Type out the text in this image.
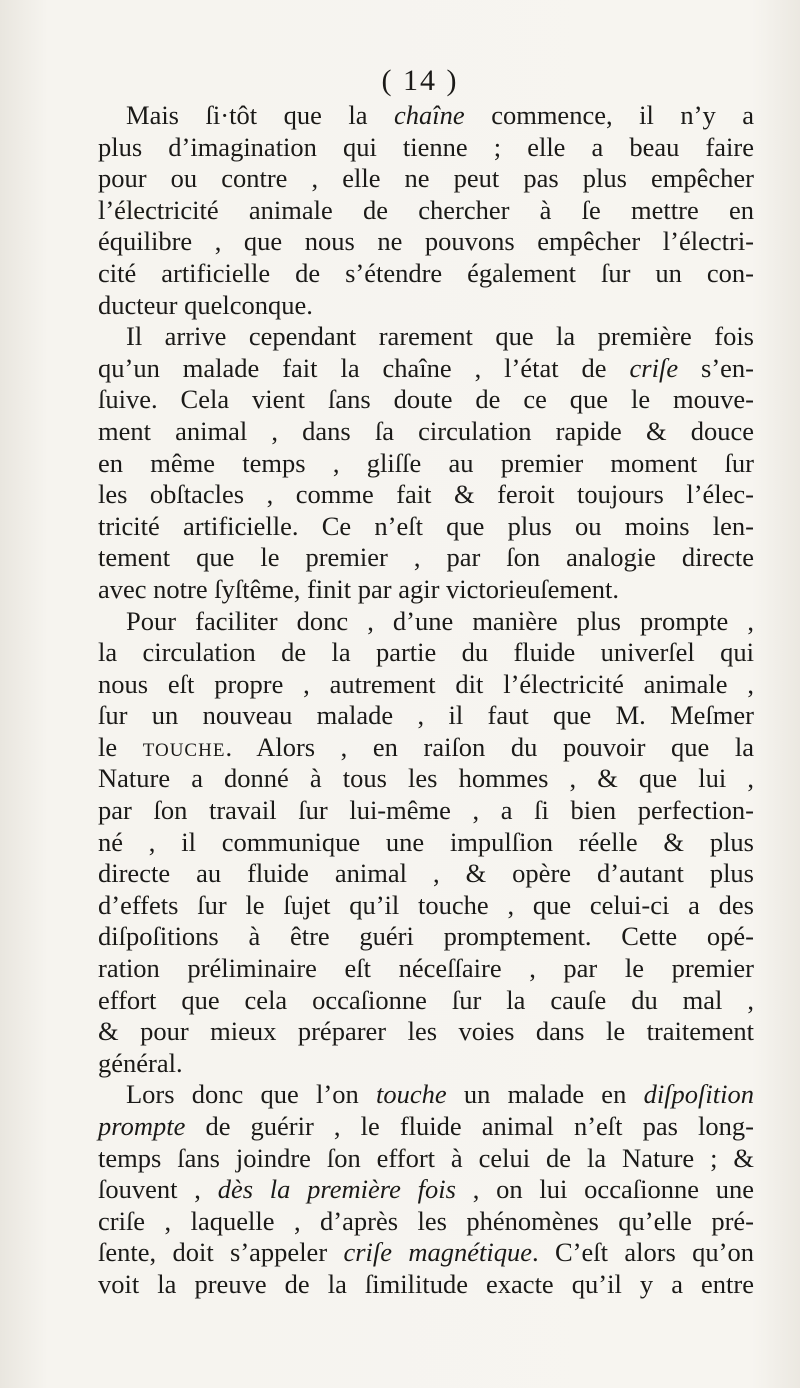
( 14 )
Mais ſi·tôt que la chaîne commence, il n’y a
plus d’imagination qui tienne ; elle a beau faire
pour ou contre , elle ne peut pas plus empêcher
l’électricité animale de chercher à ſe mettre en
équilibre , que nous ne pouvons empêcher l’électri-
cité artificielle de s’étendre également ſur un con-
ducteur quelconque.
Il arrive cependant rarement que la première fois
qu’un malade fait la chaîne , l’état de criſe s’en-
ſuive. Cela vient ſans doute de ce que le mouve-
ment animal , dans ſa circulation rapide & douce
en même temps , gliſſe au premier moment ſur
les obſtacles , comme fait & feroit toujours l’élec-
tricité artificielle. Ce n’eſt que plus ou moins len-
tement que le premier , par ſon analogie directe
avec notre ſyſtême, finit par agir victorieuſement.
Pour faciliter donc , d’une manière plus prompte ,
la circulation de la partie du fluide univerſel qui
nous eſt propre , autrement dit l’électricité animale ,
ſur un nouveau malade , il faut que M. Meſmer
le touche. Alors , en raiſon du pouvoir que la
Nature a donné à tous les hommes , & que lui ,
par ſon travail ſur lui-même , a ſi bien perfection-
né , il communique une impulſion réelle & plus
directe au fluide animal , & opère d’autant plus
d’effets ſur le ſujet qu’il touche , que celui-ci a des
diſpoſitions à être guéri promptement. Cette opé-
ration préliminaire eſt néceſſaire , par le premier
effort que cela occaſionne ſur la cauſe du mal ,
& pour mieux préparer les voies dans le traitement
général.
Lors donc que l’on touche un malade en diſpoſition
prompte de guérir , le fluide animal n’eſt pas long-
temps ſans joindre ſon effort à celui de la Nature ; &
ſouvent , dès la première fois , on lui occaſionne une
criſe , laquelle , d’après les phénomènes qu’elle pré-
ſente, doit s’appeler criſe magnétique. C’eſt alors qu’on
voit la preuve de la ſimilitude exacte qu’il y a entre
